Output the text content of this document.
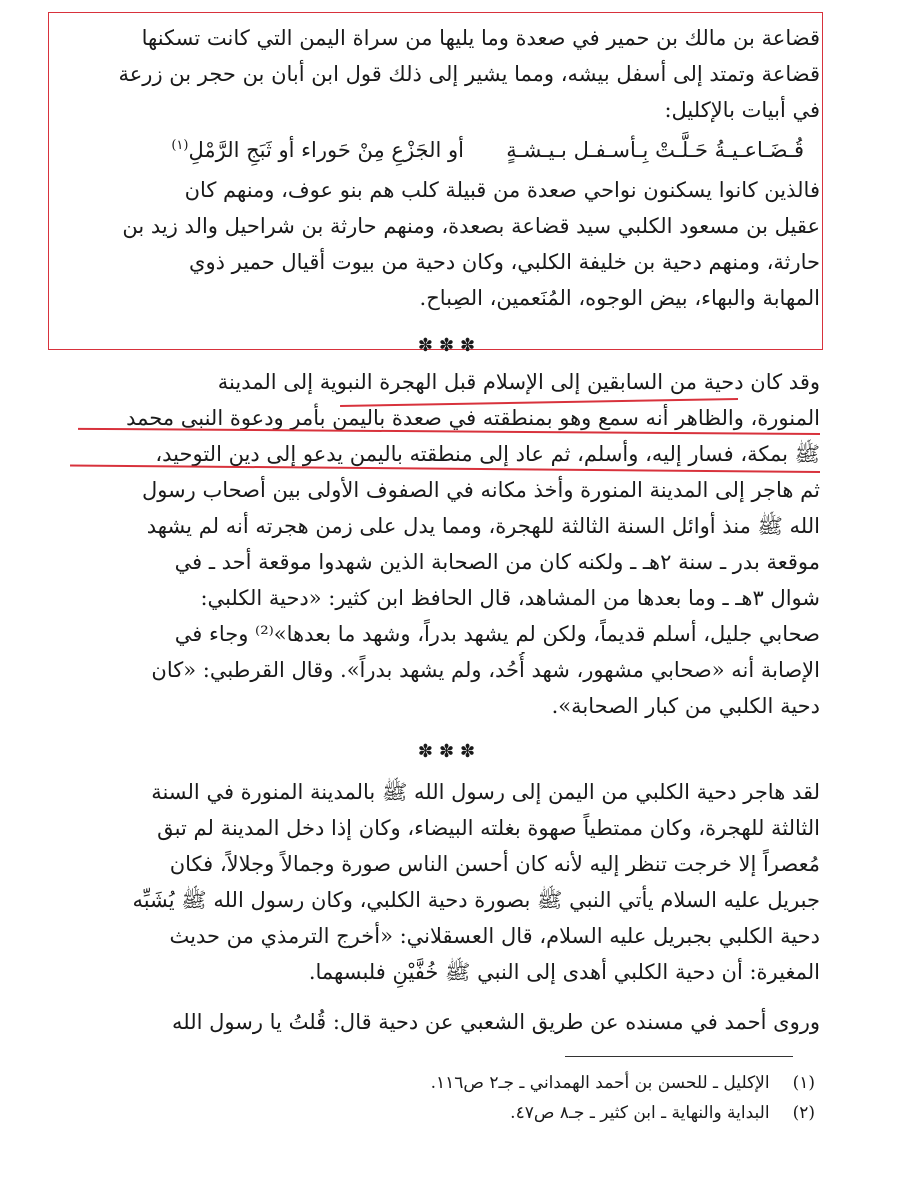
قضاعة بن مالك بن حمير في صعدة وما يليها من سراة اليمن التي كانت تسكنها
قضاعة وتمتد إلى أسفل بيشه، ومما يشير إلى ذلك قول ابن أبان بن حجر بن زرعة
في أبيات بالإكليل:
قُـضَـاعـيـةُ حَـلَّـتْ بِـأسـفـل بـيـشـةٍ
أو الجَزْعِ مِنْ حَوراء أو ثَبَجِ الرَّمْلِ$^{(١)}$
فالذين كانوا يسكنون نواحي صعدة من قبيلة كلب هم بنو عوف، ومنهم كان
عقيل بن مسعود الكلبي سيد قضاعة بصعدة، ومنهم حارثة بن شراحيل والد زيد بن
حارثة، ومنهم دحية بن خليفة الكلبي، وكان دحية من بيوت أقيال حمير ذوي
المهابة والبهاء، بيض الوجوه، المُنَعمين، الصِباح.
✽✽✽
وقد كان دحية من السابقين إلى الإسلام قبل الهجرة النبوية إلى المدينة
المنورة، والظاهر أنه سمع وهو بمنطقته في صعدة باليمن بأمر ودعوة النبي محمد
ﷺ بمكة، فسار إليه، وأسلم، ثم عاد إلى منطقته باليمن يدعو إلى دين التوحيد،
ثم هاجر إلى المدينة المنورة وأخذ مكانه في الصفوف الأولى بين أصحاب رسول
الله ﷺ منذ أوائل السنة الثالثة للهجرة، ومما يدل على زمن هجرته أنه لم يشهد
موقعة بدر ـ سنة ٢هـ ـ ولكنه كان من الصحابة الذين شهدوا موقعة أحد ـ في
شوال ٣هـ ـ وما بعدها من المشاهد، قال الحافظ ابن كثير: «دحية الكلبي:
صحابي جليل، أسلم قديماً، ولكن لم يشهد بدراً، وشهد ما بعدها»⁽²⁾ وجاء في
الإصابة أنه «صحابي مشهور، شهد أُحُد، ولم يشهد بدراً». وقال القرطبي: «كان
دحية الكلبي من كبار الصحابة».
✽✽✽
لقد هاجر دحية الكلبي من اليمن إلى رسول الله ﷺ بالمدينة المنورة في السنة
الثالثة للهجرة، وكان ممتطياً صهوة بغلته البيضاء، وكان إذا دخل المدينة لم تبق
مُعصراً إلا خرجت تنظر إليه لأنه كان أحسن الناس صورة وجمالاً وجلالاً، فكان
جبريل عليه السلام يأتي النبي ﷺ بصورة دحية الكلبي، وكان رسول الله ﷺ يُشَبِّه
دحية الكلبي بجبريل عليه السلام، قال العسقلاني: «أخرج الترمذي من حديث
المغيرة: أن دحية الكلبي أهدى إلى النبي ﷺ خُفَّيْنِ فلبسهما.
وروى أحمد في مسنده عن طريق الشعبي عن دحية قال: قُلتُ يا رسول الله
(١) الإكليل ـ للحسن بن أحمد الهمداني ـ جـ٢ ص١١٦.
(٢) البداية والنهاية ـ ابن كثير ـ جـ٨ ص٤٧.
